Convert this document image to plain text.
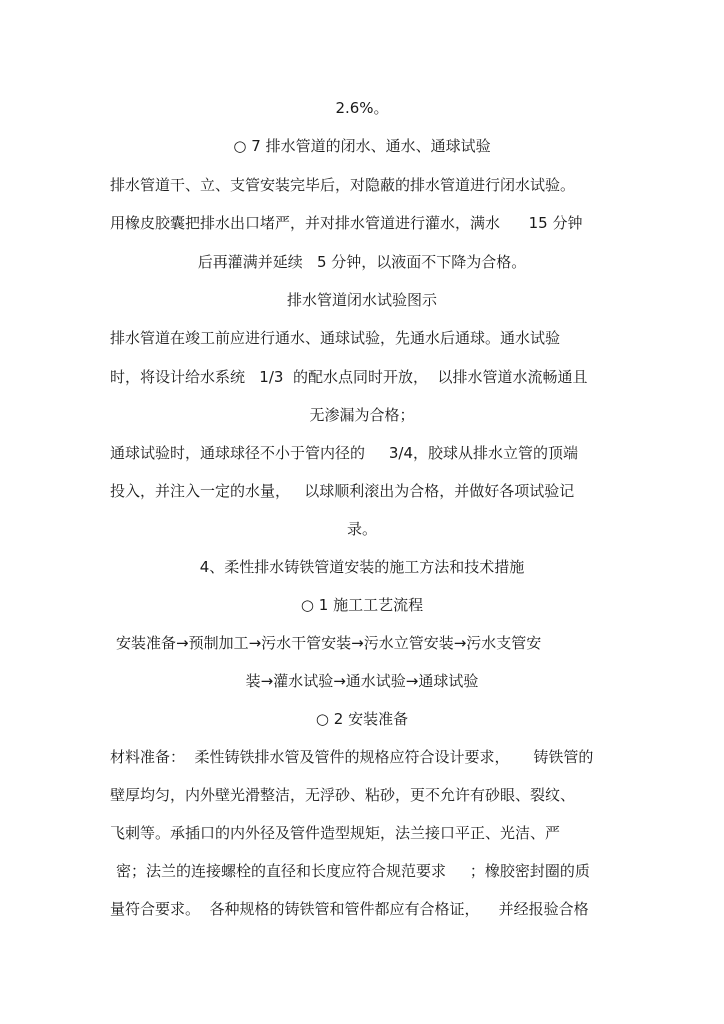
2.6%。
○ 7 排水管道的闭水、通水、通球试验
排水管道干、立、支管安装完毕后，对隐蔽的排水管道进行闭水试验。
用橡皮胶囊把排水出口堵严，并对排水管道进行灌水，满水      15 分钟
后再灌满并延续   5 分钟，以液面不下降为合格。
排水管道闭水试验图示
排水管道在竣工前应进行通水、通球试验，先通水后通球。通水试验
时，将设计给水系统   1/3  的配水点同时开放，  以排水管道水流畅通且
无渗漏为合格；
通球试验时，通球球径不小于管内径的     3/4，胶球从排水立管的顶端
投入，并注入一定的水量，   以球顺利滚出为合格，并做好各项试验记
录。
4、柔性排水铸铁管道安装的施工方法和技术措施
○ 1 施工工艺流程
安装准备→预制加工→污水干管安装→污水立管安装→污水支管安
装→灌水试验→通水试验→通球试验
○ 2 安装准备
材料准备：  柔性铸铁排水管及管件的规格应符合设计要求，     铸铁管的
壁厚均匀，内外壁光滑整洁，无浮砂、粘砂，更不允许有砂眼、裂纹、
飞刺等。承插口的内外径及管件造型规矩，法兰接口平正、光洁、严
密；法兰的连接螺栓的直径和长度应符合规范要求     ；橡胶密封圈的质
量符合要求。  各种规格的铸铁管和管件都应有合格证，    并经报验合格
